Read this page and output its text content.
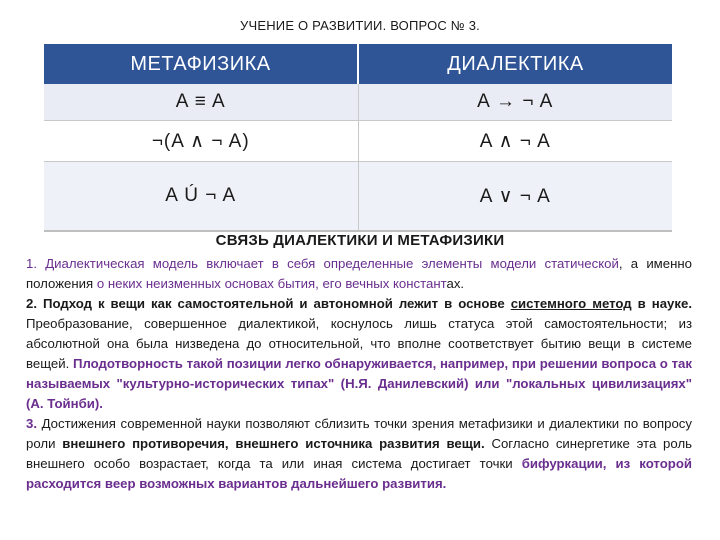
УЧЕНИЕ О РАЗВИТИИ. ВОПРОС № 3.
МЕТАФИЗИКА	ДИАЛЕКТИКА
A ≡ A	A → ¬ A
¬(A ∧ ¬ A)	A ∧ ¬ A
A Ú ¬ A	A ∨ ¬ A
СВЯЗЬ ДИАЛЕКТИКИ И МЕТАФИЗИКИ

1. Диалектическая модель включает в себя определенные элементы модели статической, а именно положения о неких неизменных основах бытия, его вечных константах.

2. Подход к вещи как самостоятельной и автономной лежит в основе системного метод в науке. Преобразование, совершенное диалектикой, коснулось лишь статуса этой самостоятельности; из абсолютной она была низведена до относительной, что вполне соответствует бытию вещи в системе вещей. Плодотворность такой позиции легко обнаруживается, например, при решении вопроса о так называемых "культурно-исторических типах" (Н.Я. Данилевский) или "локальных цивилизациях" (А. Тойнби).

3. Достижения современной науки позволяют сблизить точки зрения метафизики и диалектики по вопросу роли внешнего противоречия, внешнего источника развития вещи. Согласно синергетике эта роль внешнего особо возрастает, когда та или иная система достигает точки бифуркации, из которой расходится веер возможных вариантов дальнейшего развития.
